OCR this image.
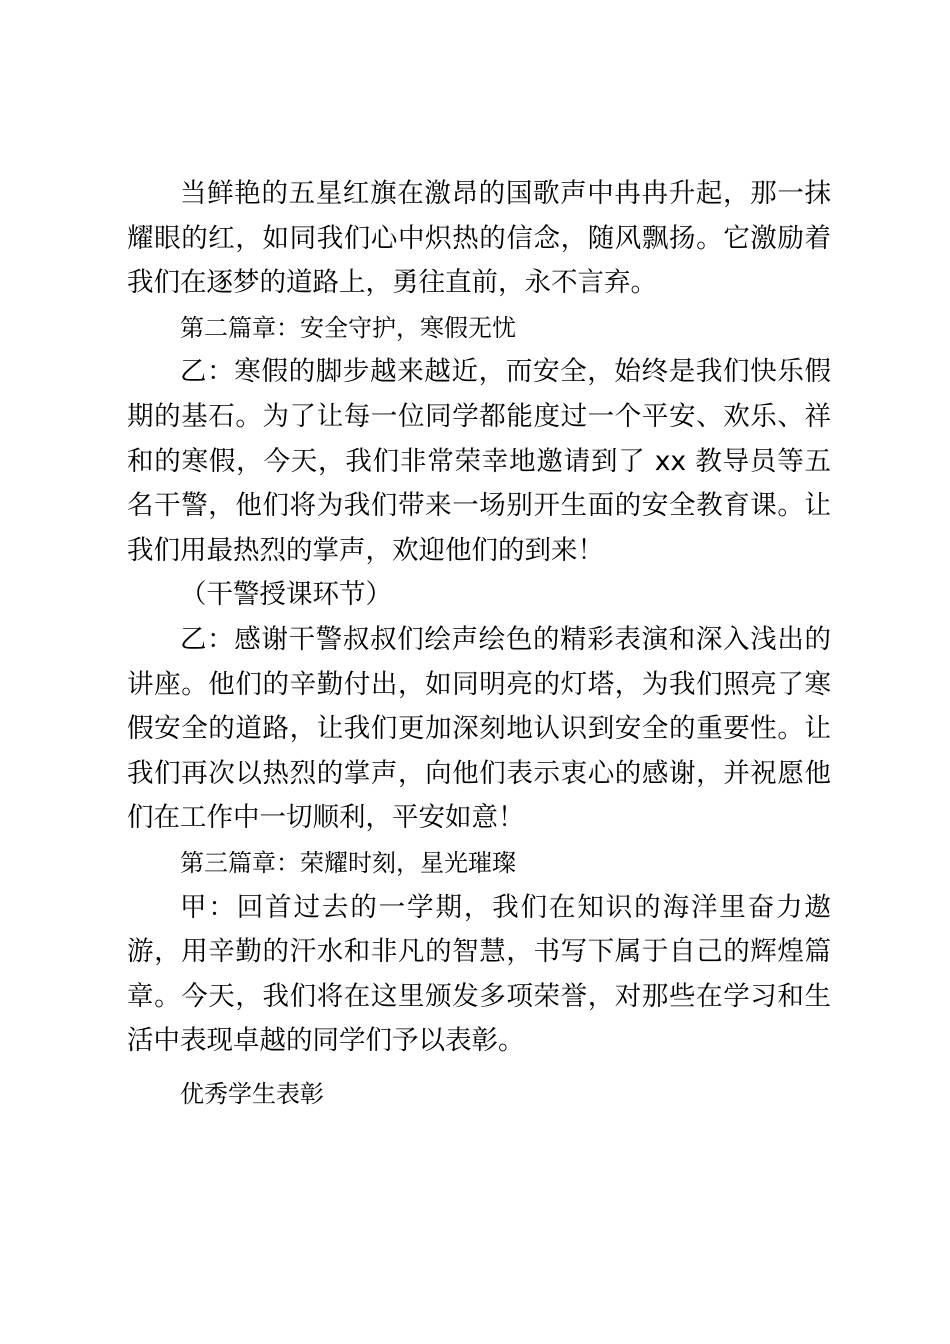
当鲜艳的五星红旗在激昂的国歌声中冉冉升起，那一抹耀眼的红，如同我们心中炽热的信念，随风飘扬。它激励着我们在逐梦的道路上，勇往直前，永不言弃。

第二篇章：安全守护，寒假无忧

乙：寒假的脚步越来越近，而安全，始终是我们快乐假期的基石。为了让每一位同学都能度过一个平安、欢乐、祥和的寒假，今天，我们非常荣幸地邀请到了 xx 教导员等五名干警，他们将为我们带来一场别开生面的安全教育课。让我们用最热烈的掌声，欢迎他们的到来！

（干警授课环节）

乙：感谢干警叔叔们绘声绘色的精彩表演和深入浅出的讲座。他们的辛勤付出，如同明亮的灯塔，为我们照亮了寒假安全的道路，让我们更加深刻地认识到安全的重要性。让我们再次以热烈的掌声，向他们表示衷心的感谢，并祝愿他们在工作中一切顺利，平安如意！

第三篇章：荣耀时刻，星光璀璨

甲：回首过去的一学期，我们在知识的海洋里奋力遨游，用辛勤的汗水和非凡的智慧，书写下属于自己的辉煌篇章。今天，我们将在这里颁发多项荣誉，对那些在学习和生活中表现卓越的同学们予以表彰。

优秀学生表彰
